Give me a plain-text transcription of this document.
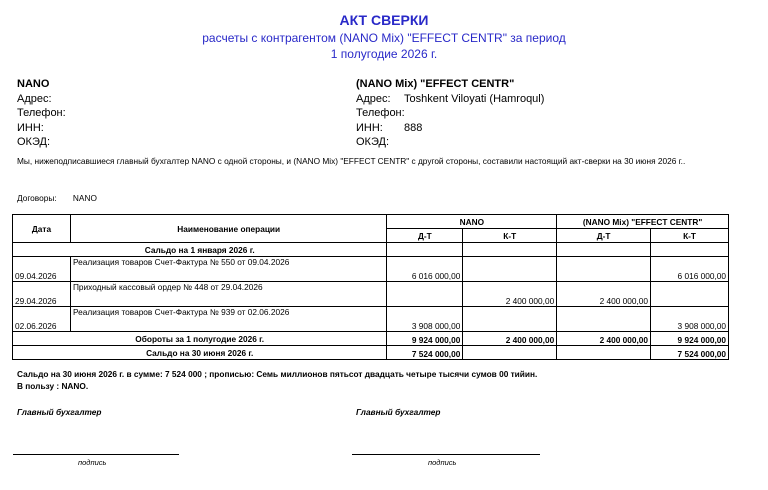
АКТ СВЕРКИ
расчеты с контрагентом (NANO Mix) "EFFECT CENTR" за период
1 полугодие 2026 г.
NANO
Адрес:
Телефон:
ИНН:
ОКЭД:
(NANO Mix) "EFFECT CENTR"
Адрес: Toshkent Viloyati (Hamroqul)
Телефон:
ИНН: 888
ОКЭД:
Мы, нижеподписавшиеся главный бухгалтер NANO с одной стороны, и (NANO Mix) "EFFECT CENTR" с другой стороны, составили настоящий акт-сверки на 30 июня 2026 г..
Договоры: NANO
Дата	Наименование операции	NANO		(NANO Mix) "EFFECT CENTR"	
		Д-Т	К-Т	Д-Т	К-Т
Сальдо на 1 января 2026 г.					
09.04.2026	Реализация товаров Счет-Фактура № 550 от 09.04.2026	6 016 000,00			6 016 000,00
29.04.2026	Приходный кассовый ордер № 448 от 29.04.2026		2 400 000,00	2 400 000,00	
02.06.2026	Реализация товаров Счет-Фактура № 939 от 02.06.2026	3 908 000,00			3 908 000,00
Обороты за 1 полугодие 2026 г.		9 924 000,00	2 400 000,00	2 400 000,00	9 924 000,00
Сальдо на 30 июня 2026 г.		7 524 000,00			7 524 000,00
Сальдо на 30 июня 2026 г. в сумме: 7 524 000 ; прописью: Семь миллионов пятьсот двадцать четыре тысячи сумов 00 тийин.
В пользу : NANO.
Главный бухгалтер	Главный бухгалтер
подпись	подпись
